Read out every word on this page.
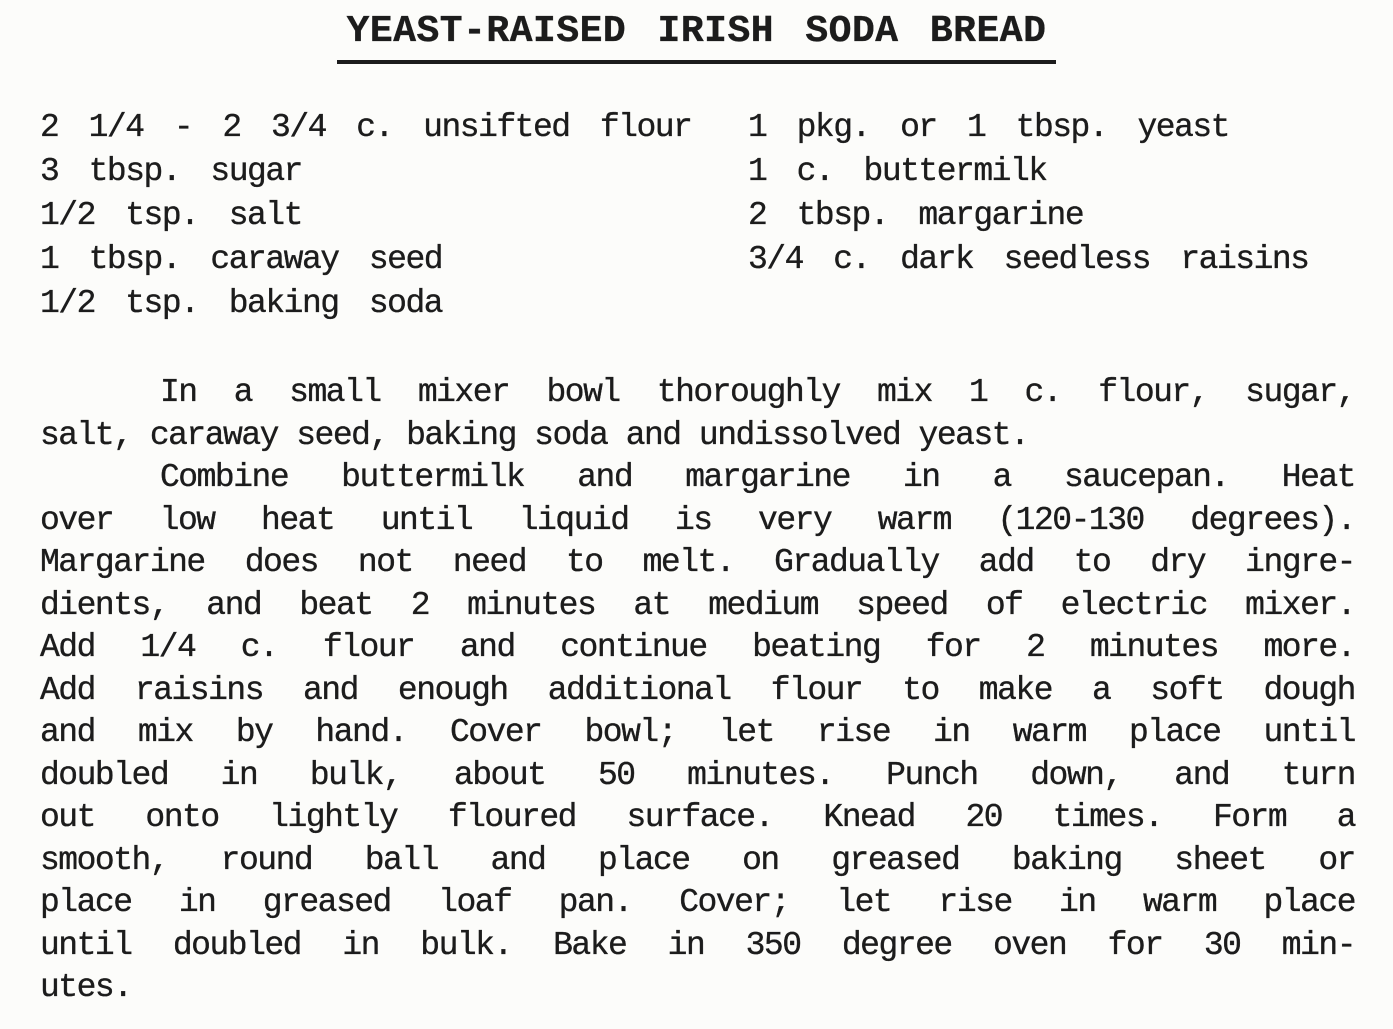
YEAST-RAISED IRISH SODA BREAD
2 1/4 - 2 3/4 c. unsifted flour
3 tbsp. sugar
1/2 tsp. salt
1 tbsp. caraway seed
1/2 tsp. baking soda
1 pkg. or 1 tbsp. yeast
1 c. buttermilk
2 tbsp. margarine
3/4 c. dark seedless raisins
In a small mixer bowl thoroughly mix 1 c. flour, sugar,
salt, caraway seed, baking soda and undissolved yeast.
Combine buttermilk and margarine in a saucepan. Heat
over low heat until liquid is very warm (120-130 degrees).
Margarine does not need to melt. Gradually add to dry ingre-
dients, and beat 2 minutes at medium speed of electric mixer.
Add 1/4 c. flour and continue beating for 2 minutes more.
Add raisins and enough additional flour to make a soft dough
and mix by hand. Cover bowl; let rise in warm place until
doubled in bulk, about 50 minutes. Punch down, and turn
out onto lightly floured surface. Knead 20 times. Form a
smooth, round ball and place on greased baking sheet or
place in greased loaf pan. Cover; let rise in warm place
until doubled in bulk. Bake in 350 degree oven for 30 min-
utes.
